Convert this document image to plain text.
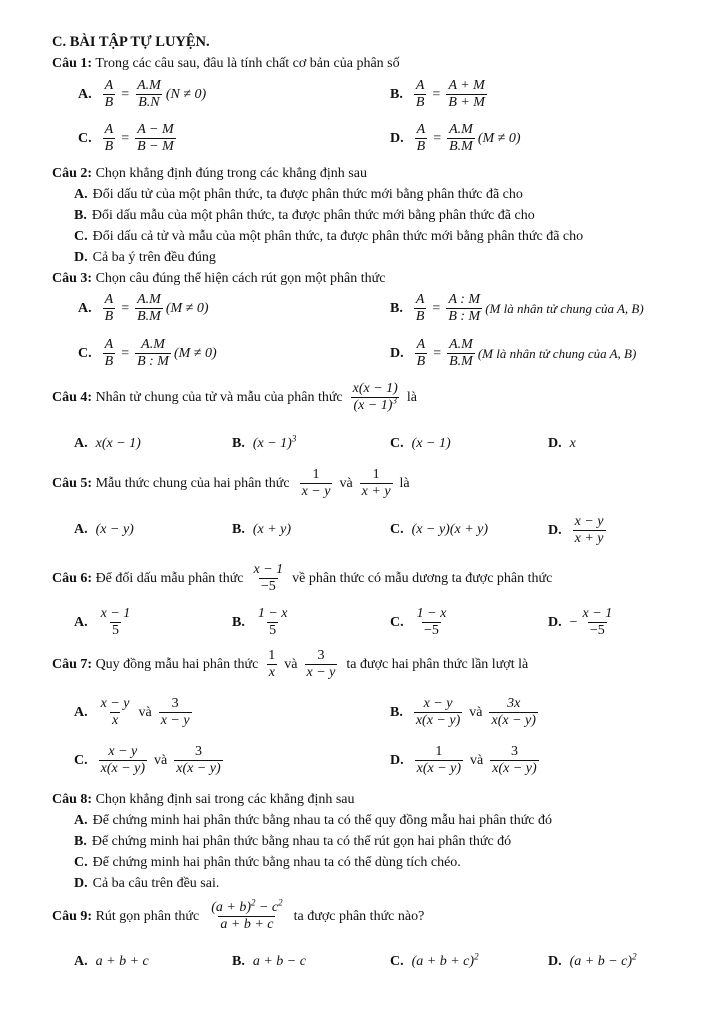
C. BÀI TẬP TỰ LUYỆN.
Câu 1: Trong các câu sau, đâu là tính chất cơ bản của phân số
A. $\frac{A}{B} = \frac{A.M}{B.N} (N \ne 0)$	B. $\frac{A}{B} = \frac{A + M}{B + M}$
C. $\frac{A}{B} = \frac{A - M}{B - M}$	D. $\frac{A}{B} = \frac{A.M}{B.M} (M \ne 0)$
Câu 2: Chọn khẳng định đúng trong các khẳng định sau
A. Đổi dấu tử của một phân thức, ta được phân thức mới bằng phân thức đã cho
B. Đổi dấu mẫu của một phân thức, ta được phân thức mới bằng phân thức đã cho
C. Đổi dấu cả tử và mẫu của một phân thức, ta được phân thức mới bằng phân thức đã cho
D. Cả ba ý trên đều đúng
Câu 3: Chọn câu đúng thể hiện cách rút gọn một phân thức
A. $\frac{A}{B} = \frac{A.M}{B.M} (M \ne 0)$	B. $\frac{A}{B} = \frac{A : M}{B : M} (M$ là nhân tử chung của A, B)
C. $\frac{A}{B} = \frac{A.M}{B : M} (M \ne 0)$	D. $\frac{A}{B} = \frac{A.M}{B.M} (M$ là nhân tử chung của A, B)
Câu 4:
Nhân tử chung của tử và mẫu của phân thức $\frac{x(x - 1)}{(x - 1)^3}$ là
A. x(x − 1)	B. $(x - 1)^3$	C. (x − 1)	D. x
Câu 5:
Mẫu thức chung của hai phân thức $\frac{1}{x - y}$ và $\frac{1}{x + y}$ là
A. (x − y)	B. (x + y)	C. (x − y)(x + y)	D. $\frac{x - y}{x + y}$
Câu 6:
Để đối dấu mẫu phân thức $\frac{x - 1}{-5}$ về phân thức có mẫu dương ta được phân thức
A. $\frac{x - 1}{5}$	B. $\frac{1 - x}{5}$	C. $\frac{1 - x}{-5}$	D. − $\frac{x - 1}{-5}$
Câu 7:
Quy đồng mẫu hai phân thức $\frac{1}{x}$ và $\frac{3}{x - y}$ ta được hai phân thức lần lượt là
A. $\frac{x - y}{x}$ và $\frac{3}{x - y}$	B. $\frac{x - y}{x(x - y)}$ và $\frac{3x}{x(x - y)}$
C. $\frac{x - y}{x(x - y)}$ và $\frac{3}{x(x - y)}$	D. $\frac{1}{x(x - y)}$ và $\frac{3}{x(x - y)}$
Câu 8: Chọn khẳng định sai trong các khẳng định sau
A. Để chứng minh hai phân thức bằng nhau ta có thể quy đồng mẫu hai phân thức đó
B. Để chứng minh hai phân thức bằng nhau ta có thể rút gọn hai phân thức đó
C. Để chứng minh hai phân thức bằng nhau ta có thể dùng tích chéo.
D. Cả ba câu trên đều sai.
Câu 9:
Rút gọn phân thức $\frac{(a + b)^2 - c^2}{a + b + c}$ ta được phân thức nào?
A. a + b + c	B. a + b − c	C. $(a + b + c)^2$	D. $(a + b - c)^2$
